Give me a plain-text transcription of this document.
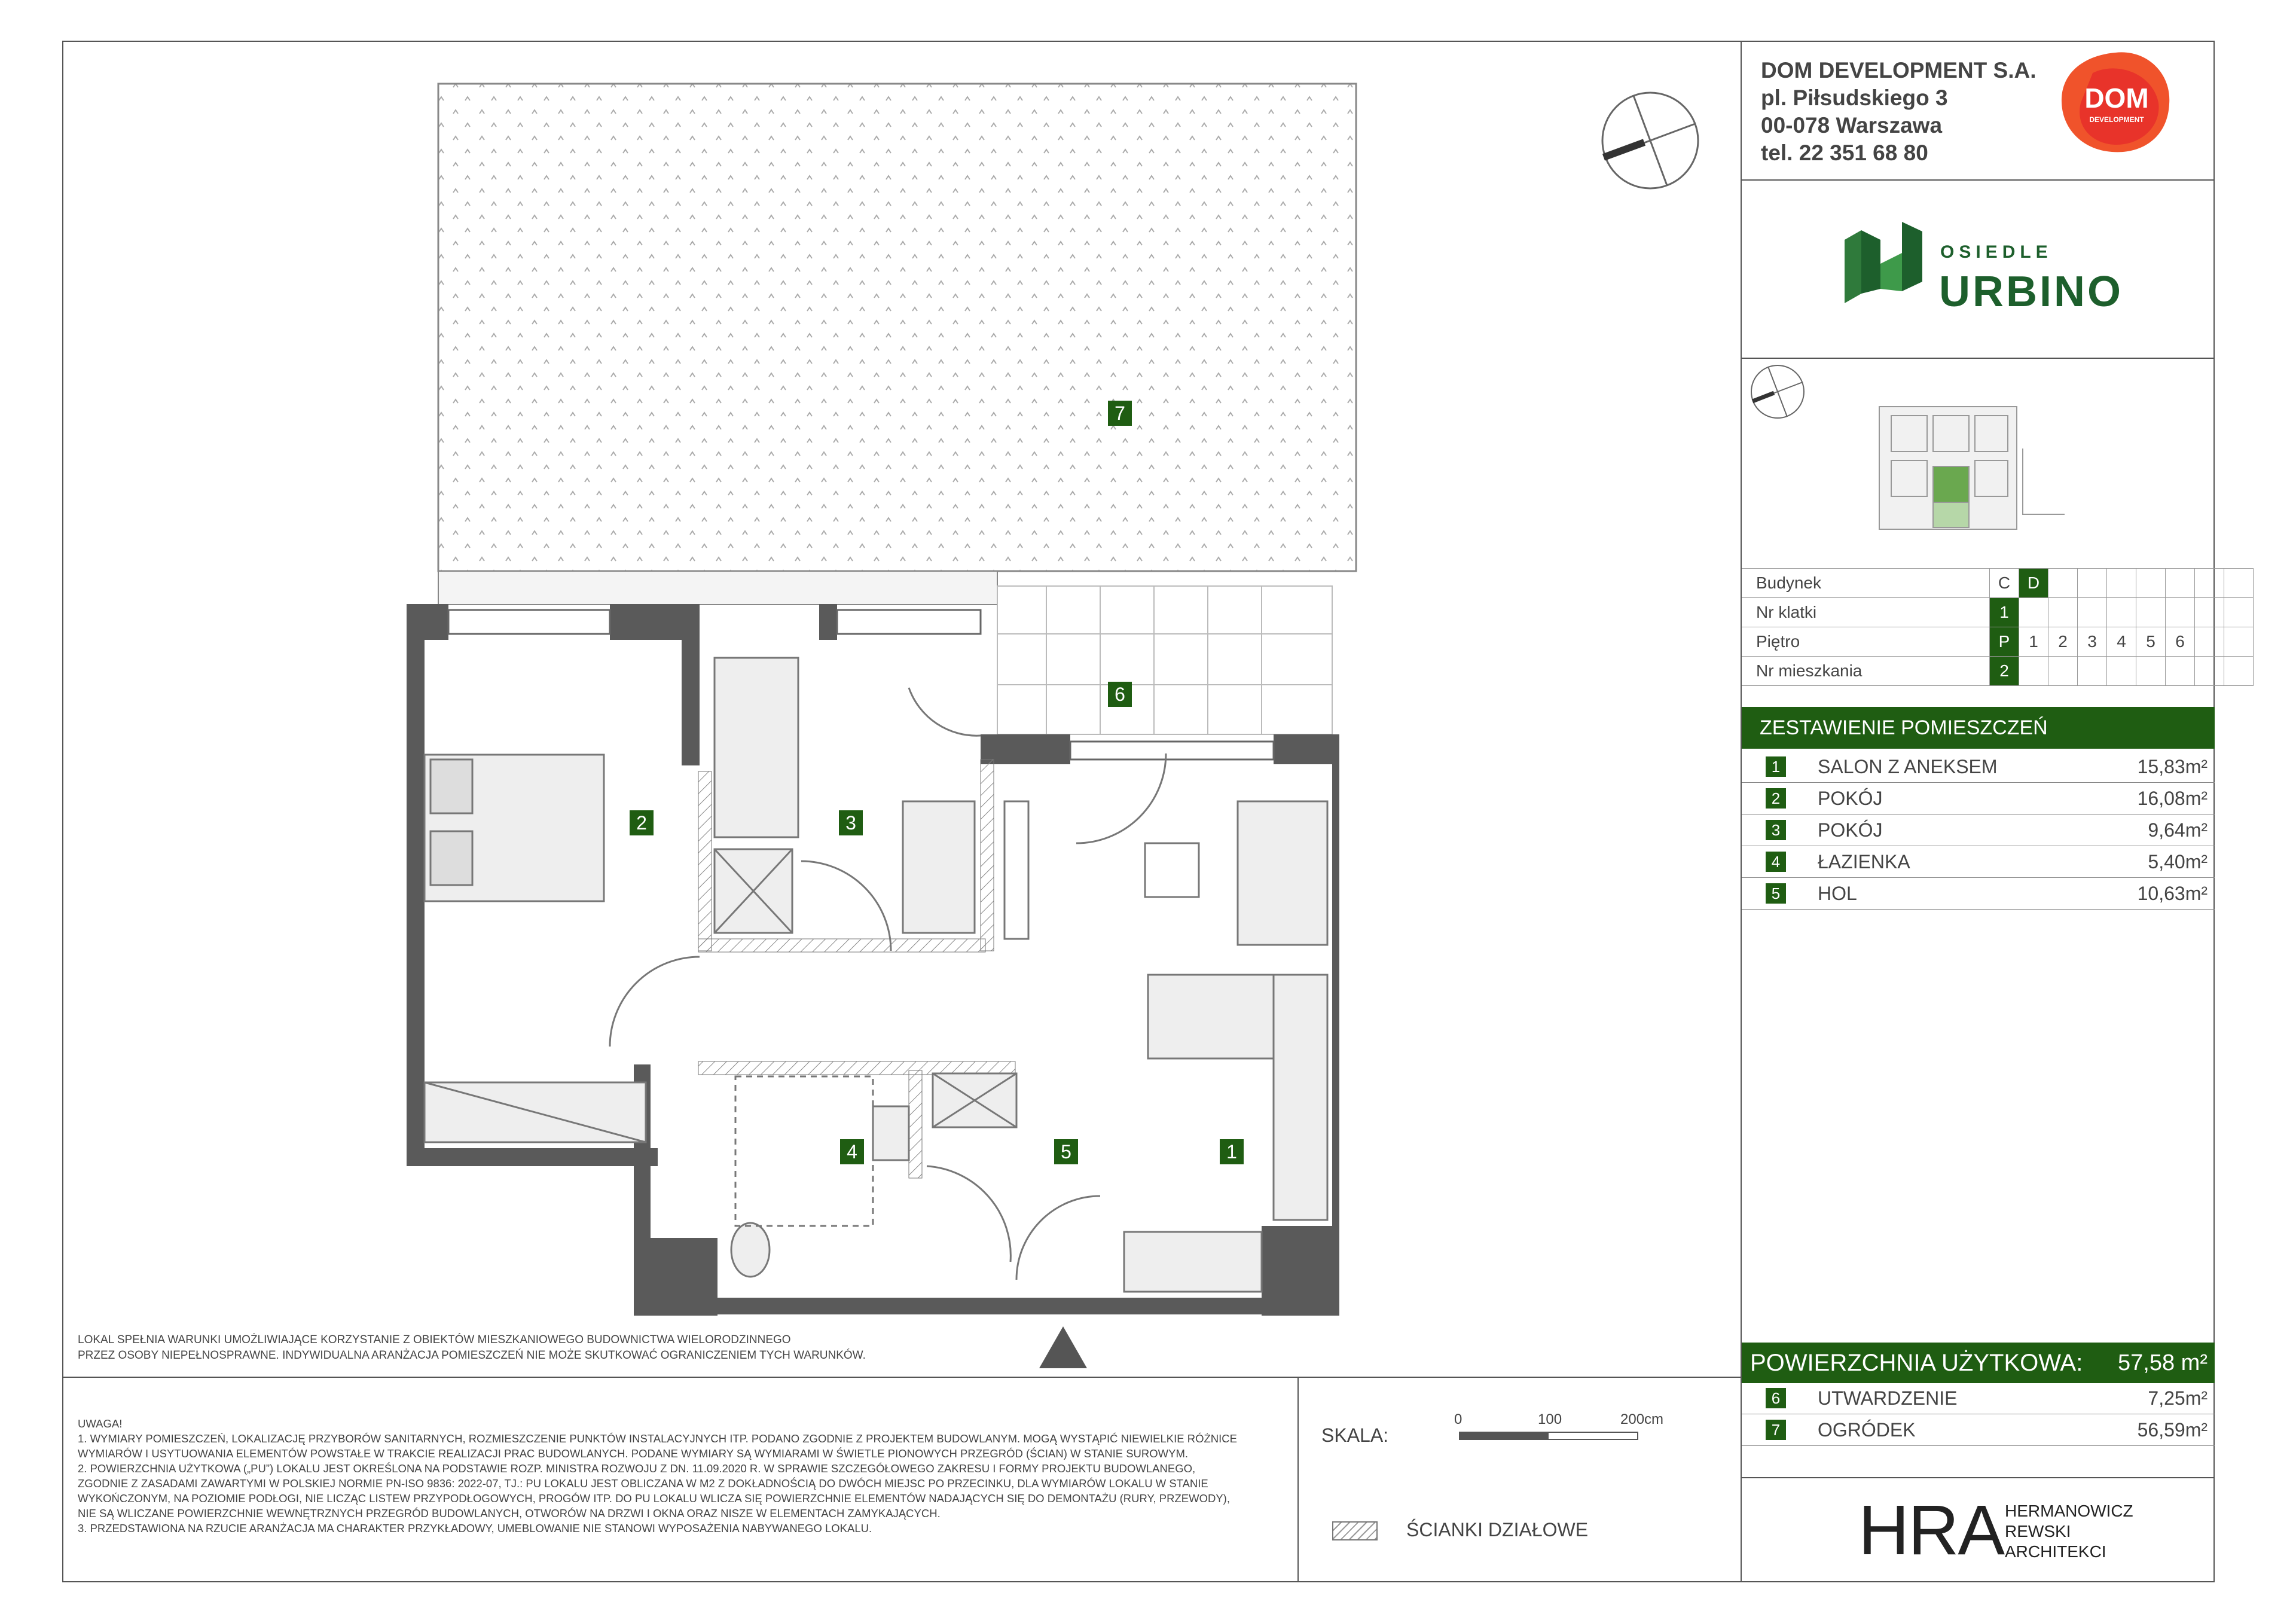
7
6
2	3
4	5	1
DOM DEVELOPMENT S.A.
pl. Piłsudskiego 3
00-078 Warszawa
tel. 22 351 68 80
DOM
DEVELOPMENT
OSIEDLE
URBINO
Budynek	C	D							
Nr klatki	1								
Piętro	P	1	2	3	4	5	6		
Nr mieszkania	2								
ZESTAWIENIE POMIESZCZEŃ
1	SALON Z ANEKSEM	15,83m²
2	POKÓJ	16,08m²
3	POKÓJ	9,64m²
4	ŁAZIENKA	5,40m²
5	HOL	10,63m²
POWIERZCHNIA UŻYTKOWA: 57,58 m²
6	UTWARDZENIE	7,25m²
7	OGRÓDEK	56,59m²
LOKAL SPEŁNIA WARUNKI UMOŻLIWIAJĄCE KORZYSTANIE Z OBIEKTÓW MIESZKANIOWEGO BUDOWNICTWA WIELORODZINNEGO
PRZEZ OSOBY NIEPEŁNOSPRAWNE. INDYWIDUALNA ARANŻACJA POMIESZCZEŃ NIE MOŻE SKUTKOWAĆ OGRANICZENIEM TYCH WARUNKÓW.
UWAGA!
1. WYMIARY POMIESZCZEŃ, LOKALIZACJĘ PRZYBORÓW SANITARNYCH, ROZMIESZCZENIE PUNKTÓW INSTALACYJNYCH ITP. PODANO ZGODNIE Z PROJEKTEM BUDOWLANYM. MOGĄ WYSTĄPIĆ NIEWIELKIE RÓŻNICE
WYMIARÓW I USYTUOWANIA ELEMENTÓW POWSTAŁE W TRAKCIE REALIZACJI PRAC BUDOWLANYCH. PODANE WYMIARY SĄ WYMIARAMI W ŚWIETLE PIONOWYCH PRZEGRÓD (ŚCIAN) W STANIE SUROWYM.
2. POWIERZCHNIA UŻYTKOWA („PU”) LOKALU JEST OKREŚLONA NA PODSTAWIE ROZP. MINISTRA ROZWOJU Z DN. 11.09.2020 R. W SPRAWIE SZCZEGÓŁOWEGO ZAKRESU I FORMY PROJEKTU BUDOWLANEGO,
ZGODNIE Z ZASADAMI ZAWARTYMI W POLSKIEJ NORMIE PN-ISO 9836: 2022-07, TJ.: PU LOKALU JEST OBLICZANA W M2 Z DOKŁADNOŚCIĄ DO DWÓCH MIEJSC PO PRZECINKU, DLA WYMIARÓW LOKALU W STANIE
WYKOŃCZONYM, NA POZIOMIE PODŁOGI, NIE LICZĄC LISTEW PRZYPODŁOGOWYCH, PROGÓW ITP. DO PU LOKALU WLICZA SIĘ POWIERZCHNIE ELEMENTÓW NADAJĄCYCH SIĘ DO DEMONTAŻU (RURY, PRZEWODY),
NIE SĄ WLICZANE POWIERZCHNIE WEWNĘTRZNYCH PRZEGRÓD BUDOWLANYCH, OTWORÓW NA DRZWI I OKNA ORAZ NISZE W ELEMENTACH ZAMYKAJĄCYCH.
3. PRZEDSTAWIONA NA RZUCIE ARANŻACJA MA CHARAKTER PRZYKŁADOWY, UMEBLOWANIE NIE STANOWI WYPOSAŻENIA NABYWANEGO LOKALU.
SKALA:
0	100	200cm
ŚCIANKI DZIAŁOWE	HRA HERMANOWICZ
REWSKI
ARCHITEKCI
